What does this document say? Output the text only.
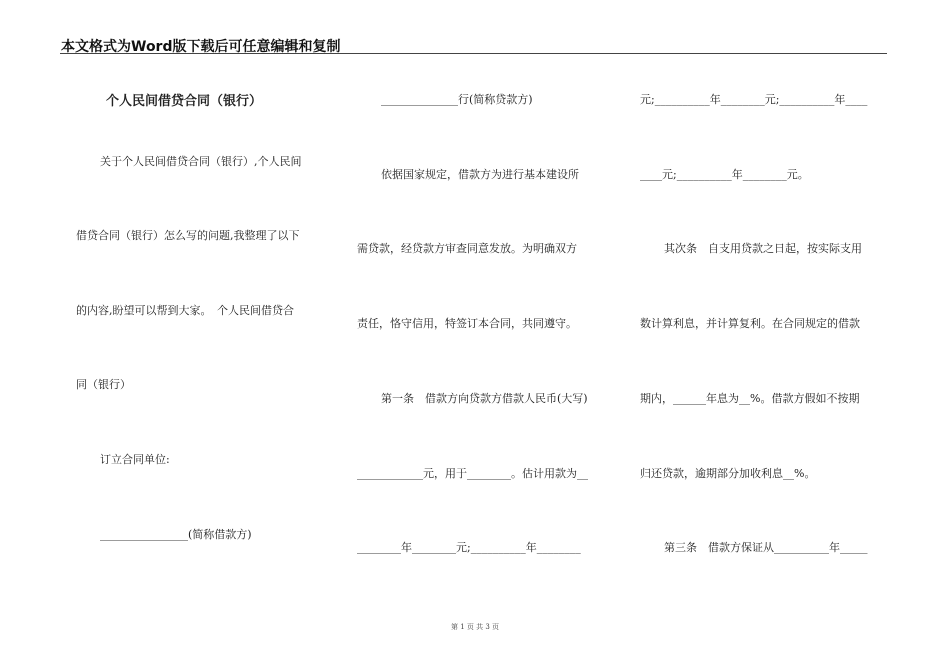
本文格式为Word版下载后可任意编辑和复制
个人民间借贷合同（银行）
关于个人民间借贷合同（银行）,个人民间
借贷合同（银行）怎么写的问题,我整理了以下
的内容,盼望可以帮到大家。　个人民间借贷合
同（银行）
订立合同单位:
________________(简称借款方)
______________行(简称贷款方)
依据国家规定，借款方为进行基本建设所
需贷款，经贷款方审查同意发放。为明确双方
责任，恪守信用，特签订本合同，共同遵守。
第一条　借款方向贷款方借款人民币(大写)
____________元，用于________。估计用款为__
________年________元;__________年________
元;__________年________元;__________年____
____元;__________年________元。
其次条　自支用贷款之日起，按实际支用
数计算利息，并计算复利。在合同规定的借款
期内，______年息为__%。借款方假如不按期
归还贷款，逾期部分加收利息__%。
第三条　借款方保证从__________年_____
第 1 页 共 3 页
